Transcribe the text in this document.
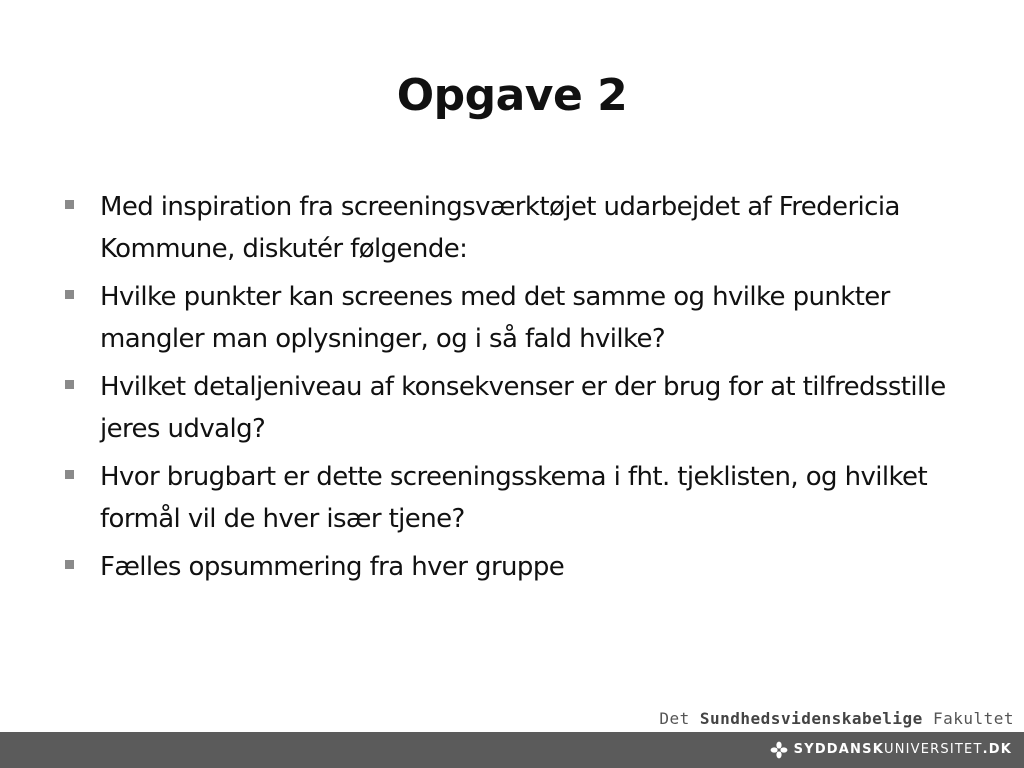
Opgave 2
Med inspiration fra screeningsværktøjet udarbejdet af Fredericia Kommune, diskutér følgende:
Hvilke punkter kan screenes med det samme og hvilke punkter mangler man oplysninger, og i så fald hvilke?
Hvilket detaljeniveau af konsekvenser er der brug for at tilfredsstille jeres udvalg?
Hvor brugbart er dette screeningsskema i fht. tjeklisten, og hvilket formål vil de hver især tjene?
Fælles opsummering fra hver gruppe
Det Sundhedsvidenskabelige Fakultet
SYDDANSKUNIVERSITET.DK
